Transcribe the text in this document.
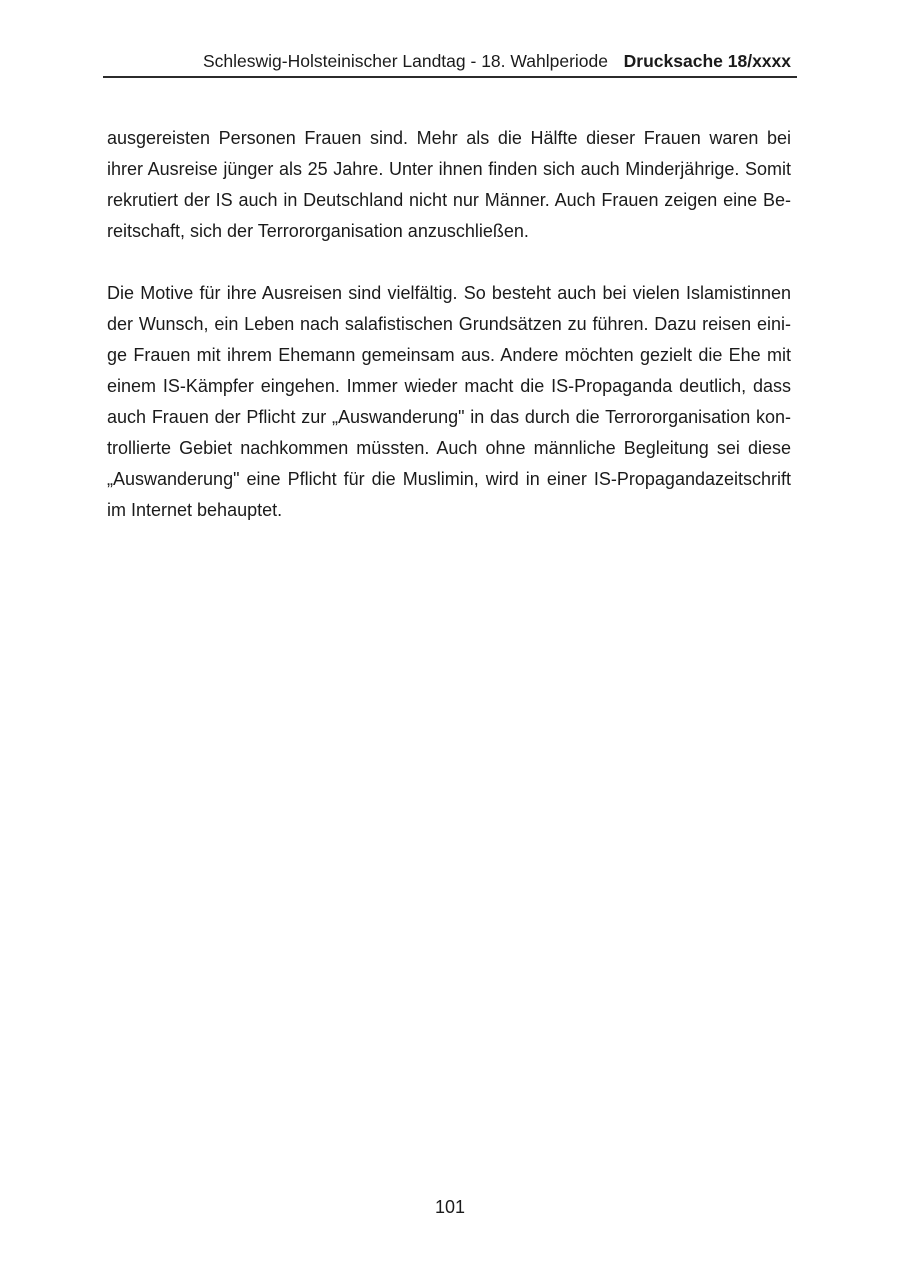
Schleswig-Holsteinischer Landtag - 18. Wahlperiode Drucksache 18/xxxx
ausgereisten Personen Frauen sind. Mehr als die Hälfte dieser Frauen waren bei
ihrer Ausreise jünger als 25 Jahre. Unter ihnen finden sich auch Minderjährige. Somit
rekrutiert der IS auch in Deutschland nicht nur Männer. Auch Frauen zeigen eine Be-
reitschaft, sich der Terrororganisation anzuschließen.
Die Motive für ihre Ausreisen sind vielfältig. So besteht auch bei vielen Islamistinnen
der Wunsch, ein Leben nach salafistischen Grundsätzen zu führen. Dazu reisen eini-
ge Frauen mit ihrem Ehemann gemeinsam aus. Andere möchten gezielt die Ehe mit
einem IS-Kämpfer eingehen. Immer wieder macht die IS-Propaganda deutlich, dass
auch Frauen der Pflicht zur „Auswanderung" in das durch die Terrororganisation kon-
trollierte Gebiet nachkommen müssten. Auch ohne männliche Begleitung sei diese
„Auswanderung" eine Pflicht für die Muslimin, wird in einer IS-Propagandazeitschrift
im Internet behauptet.
101
